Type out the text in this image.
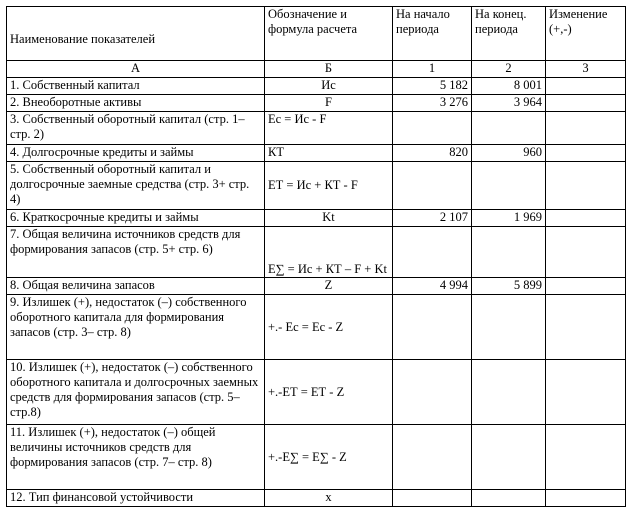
Наименование показателей	Обозначение и формула расчета	На начало периода	На конец. периода	Изменение (+,-)
А	Б	1	2	3
1. Собственный капитал	Ис	5 182	8 001	
2. Внеоборотные активы	F	3 276	3 964	
3. Собственный оборотный капитал (стр. 1– стр. 2)	Ec = Ис - F			
4. Долгосрочные кредиты и займы	КТ	820	960	
5. Собственный оборотный капитал и долгосрочные заемные средства (стр. 3+ стр. 4)	ЕТ = Ис + КТ - F			
6. Краткосрочные кредиты и займы	Kt	2 107	1 969	
7. Общая величина источников средств для формирования запасов (стр. 5+ стр. 6)	Е∑ = Ис + КТ – F + Kt			
8. Общая величина запасов	Z	4 994	5 899	
9. Излишек (+), недостаток (–) собственного оборотного капитала для формирования запасов (стр. 3– стр. 8)	+.- Ec = Ec - Z			
10. Излишек (+), недостаток (–) собственного оборотного капитала и долгосрочных заемных средств для формирования запасов (стр. 5– стр.8)	+.-ЕТ = ЕТ - Z			
11. Излишек (+), недостаток (–) общей величины источников средств для формирования запасов (стр. 7– стр. 8)	+.-Е∑ = Е∑ - Z			
12. Тип финансовой устойчивости	x			
